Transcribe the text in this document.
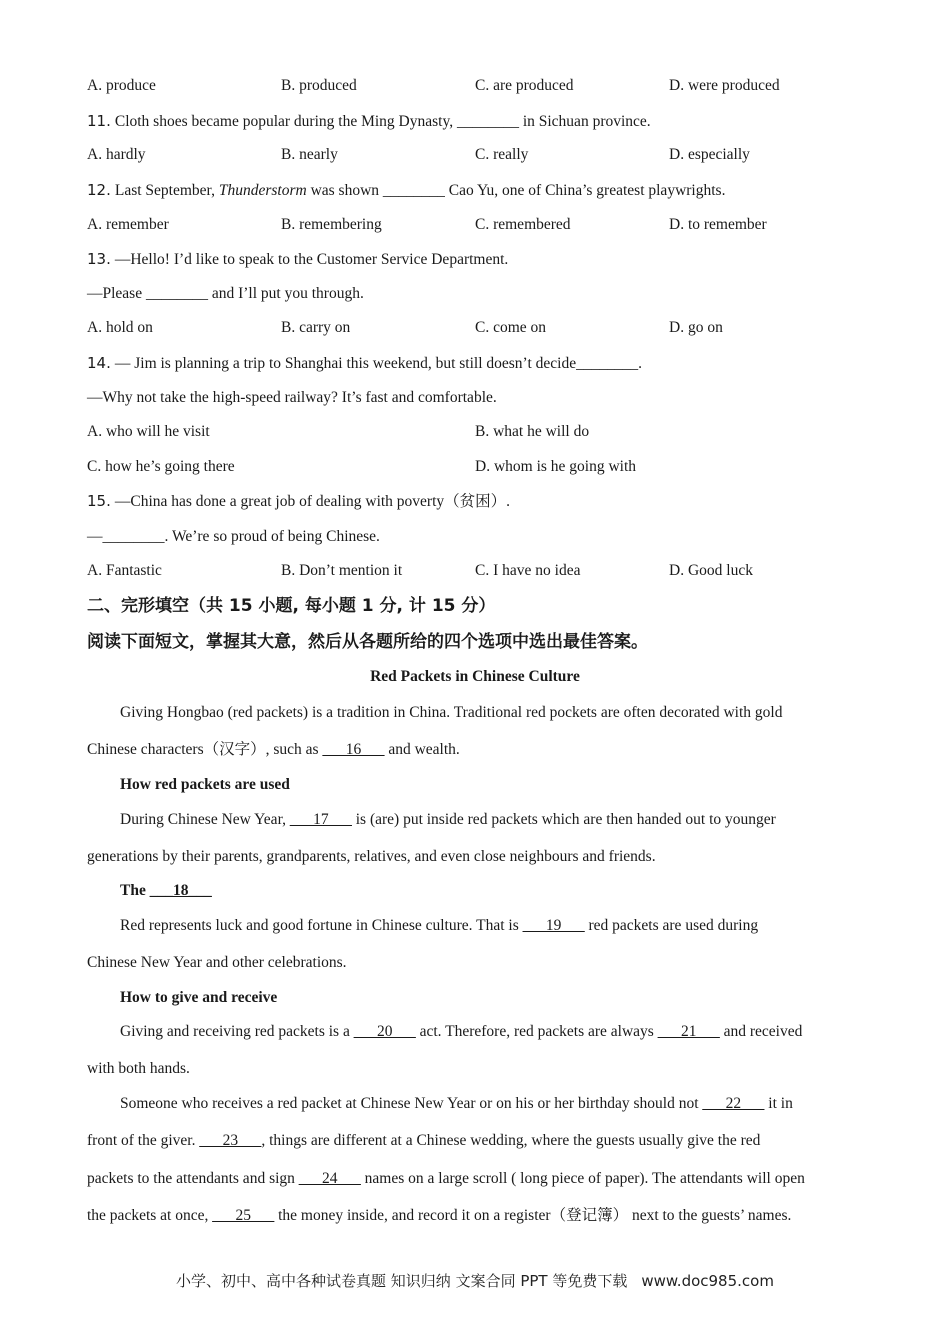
A. produce	B. produced	C. are produced	D. were produced
11. Cloth shoes became popular during the Ming Dynasty, ________ in Sichuan province.
A. hardly	B. nearly	C. really	D. especially
12. Last September, Thunderstorm was shown ________ Cao Yu, one of China’s greatest playwrights.
A. remember	B. remembering	C. remembered	D. to remember
13. —Hello! I’d like to speak to the Customer Service Department.
—Please ________ and I’ll put you through.
A. hold on	B. carry on	C. come on	D. go on
14. — Jim is planning a trip to Shanghai this weekend, but still doesn’t decide________.
—Why not take the high-speed railway? It’s fast and comfortable.
A. who will he visit	B. what he will do
C. how he’s going there	D. whom is he going with
15. —China has done a great job of dealing with poverty（贫困）.
—________. We’re so proud of being Chinese.
A. Fantastic	B. Don’t mention it	C. I have no idea	D. Good luck
二、完形填空（共 15 小题, 每小题 1 分, 计 15 分）
阅读下面短文，掌握其大意，然后从各题所给的四个选项中选出最佳答案。
Red Packets in Chinese Culture
Giving Hongbao (red packets) is a tradition in China. Traditional red pockets are often decorated with gold
Chinese characters（汉字）, such as ___16___ and wealth.
How red packets are used
During Chinese New Year, ___17___ is (are) put inside red packets which are then handed out to younger
generations by their parents, grandparents, relatives, and even close neighbours and friends.
The ___18___
Red represents luck and good fortune in Chinese culture. That is ___19___ red packets are used during
Chinese New Year and other celebrations.
How to give and receive
Giving and receiving red packets is a ___20___ act. Therefore, red packets are always ___21___ and received
with both hands.
Someone who receives a red packet at Chinese New Year or on his or her birthday should not ___22___ it in
front of the giver. ___23___, things are different at a Chinese wedding, where the guests usually give the red
packets to the attendants and sign ___24___ names on a large scroll ( long piece of paper). The attendants will open
the packets at once, ___25___ the money inside, and record it on a register（登记簿） next to the guests’ names.
小学、初中、高中各种试卷真题 知识归纳 文案合同 PPT 等免费下载 www.doc985.com
